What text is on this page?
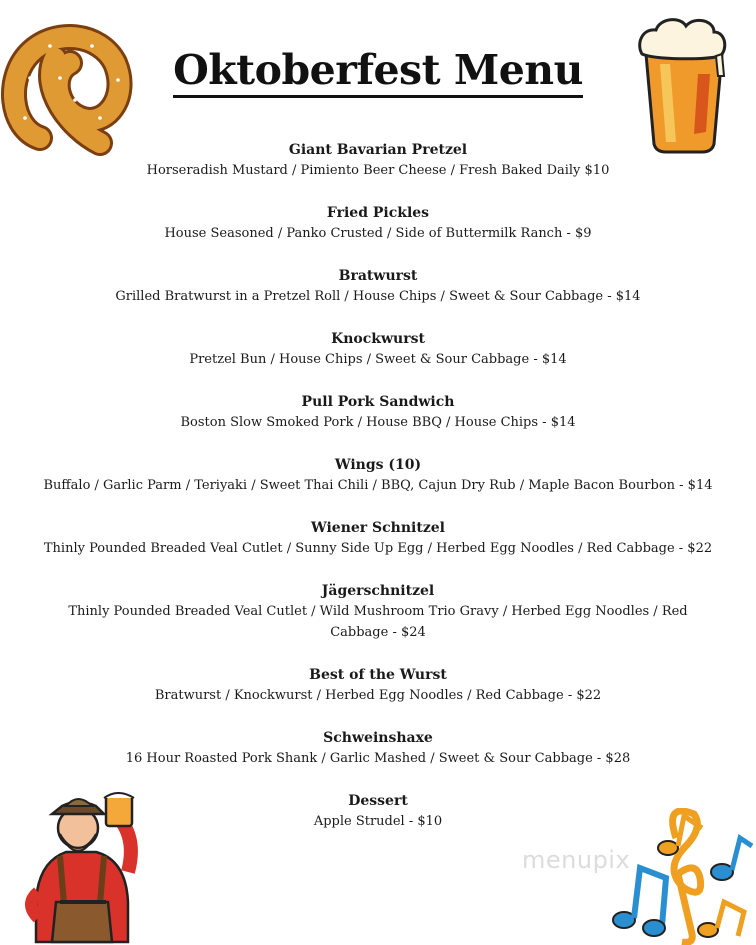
Oktoberfest Menu
Giant Bavarian Pretzel
Horseradish Mustard / Pimiento Beer Cheese / Fresh Baked Daily $10
Fried Pickles
House Seasoned / Panko Crusted / Side of Buttermilk Ranch - $9
Bratwurst
Grilled Bratwurst in a Pretzel Roll / House Chips / Sweet & Sour Cabbage - $14
Knockwurst
Pretzel Bun / House Chips / Sweet & Sour Cabbage - $14
Pull Pork Sandwich
Boston Slow Smoked Pork / House BBQ / House Chips - $14
Wings (10)
Buffalo / Garlic Parm / Teriyaki / Sweet Thai Chili / BBQ, Cajun Dry Rub / Maple Bacon Bourbon - $14
Wiener Schnitzel
Thinly Pounded Breaded Veal Cutlet / Sunny Side Up Egg / Herbed Egg Noodles / Red Cabbage - $22
Jägerschnitzel
Thinly Pounded Breaded Veal Cutlet / Wild Mushroom Trio Gravy / Herbed Egg Noodles / Red Cabbage - $24
Best of the Wurst
Bratwurst / Knockwurst / Herbed Egg Noodles / Red Cabbage - $22
Schweinshaxe
16 Hour Roasted Pork Shank / Garlic Mashed / Sweet & Sour Cabbage - $28
Dessert
Apple Strudel - $10
menupix
